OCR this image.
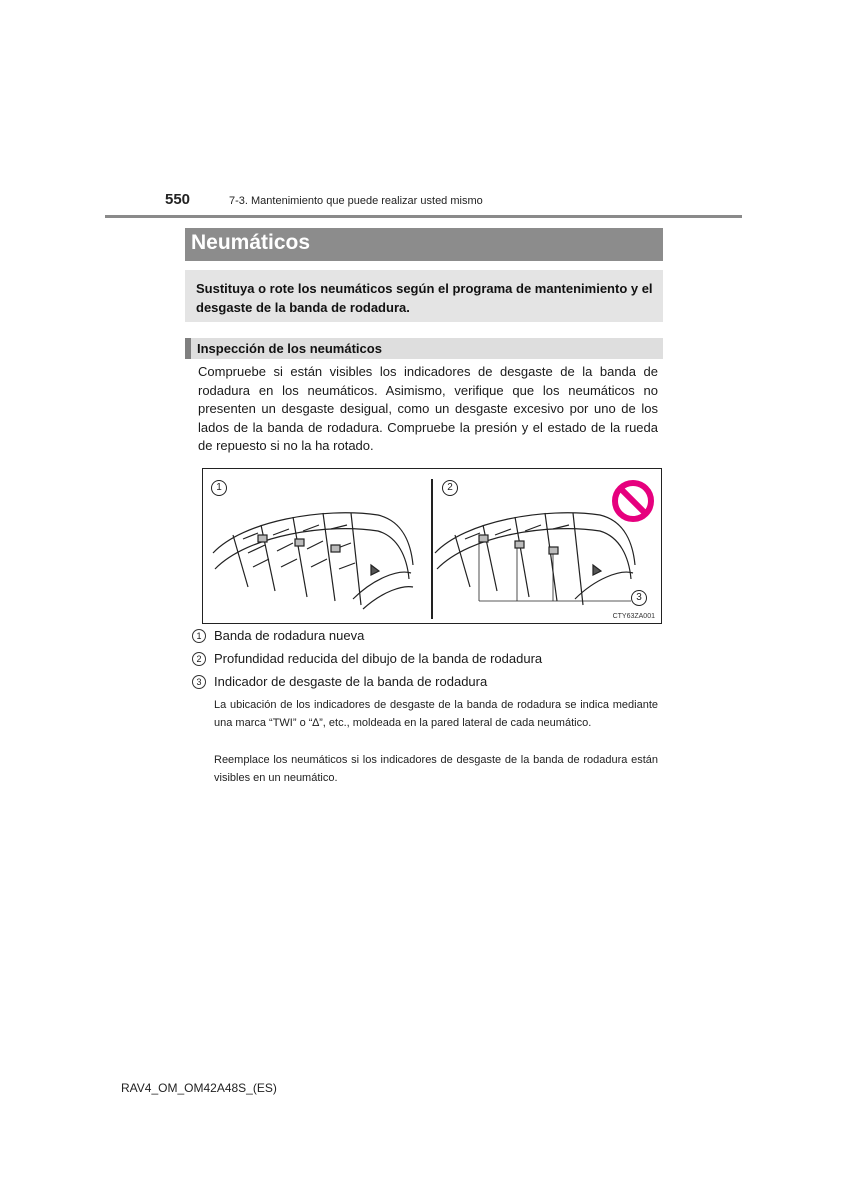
550	7-3. Mantenimiento que puede realizar usted mismo
Neumáticos
Sustituya o rote los neumáticos según el programa de mantenimiento y el desgaste de la banda de rodadura.
Inspección de los neumáticos
Compruebe si están visibles los indicadores de desgaste de la banda de rodadura en los neumáticos. Asimismo, verifique que los neumáticos no presenten un desgaste desigual, como un desgaste excesivo por uno de los lados de la banda de rodadura. Compruebe la presión y el estado de la rueda de repuesto si no la ha rotado.
1	2
3
CTY63ZA001
1 Banda de rodadura nueva
2 Profundidad reducida del dibujo de la banda de rodadura
3 Indicador de desgaste de la banda de rodadura
La ubicación de los indicadores de desgaste de la banda de rodadura se indica mediante una marca “TWI” o “∆”, etc., moldeada en la pared lateral de cada neumático.
Reemplace los neumáticos si los indicadores de desgaste de la banda de rodadura están visibles en un neumático.
RAV4_OM_OM42A48S_(ES)
